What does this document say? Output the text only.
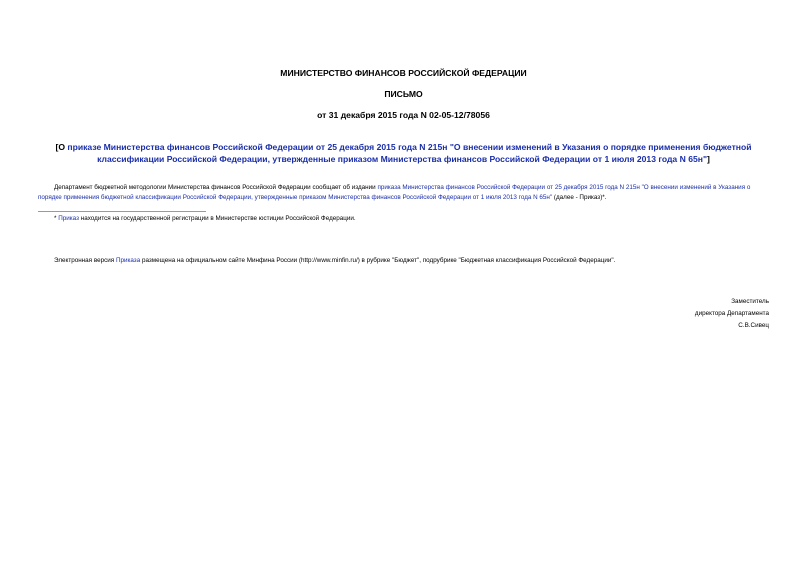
МИНИСТЕРСТВО ФИНАНСОВ РОССИЙСКОЙ ФЕДЕРАЦИИ
ПИСЬМО
от 31 декабря 2015 года N 02-05-12/78056
[О приказе Министерства финансов Российской Федерации от 25 декабря 2015 года N 215н "О внесении изменений в Указания о порядке применения бюджетной классификации Российской Федерации, утвержденные приказом Министерства финансов Российской Федерации от 1 июля 2013 года N 65н"]
Департамент бюджетной методологии Министерства финансов Российской Федерации сообщает об издании приказа Министерства финансов Российской Федерации от 25 декабря 2015 года N 215н "О внесении изменений в Указания о порядке применения бюджетной классификации Российской Федерации, утвержденные приказом Министерства финансов Российской Федерации от 1 июля 2013 года N 65н" (далее - Приказ)*.
* Приказ находится на государственной регистрации в Министерстве юстиции Российской Федерации.
Электронная версия Приказа размещена на официальном сайте Минфина России (http://www.minfin.ru/) в рубрике "Бюджет", подрубрике "Бюджетная классификация Российской Федерации".
Заместитель
директора Департамента
С.В.Сивец
